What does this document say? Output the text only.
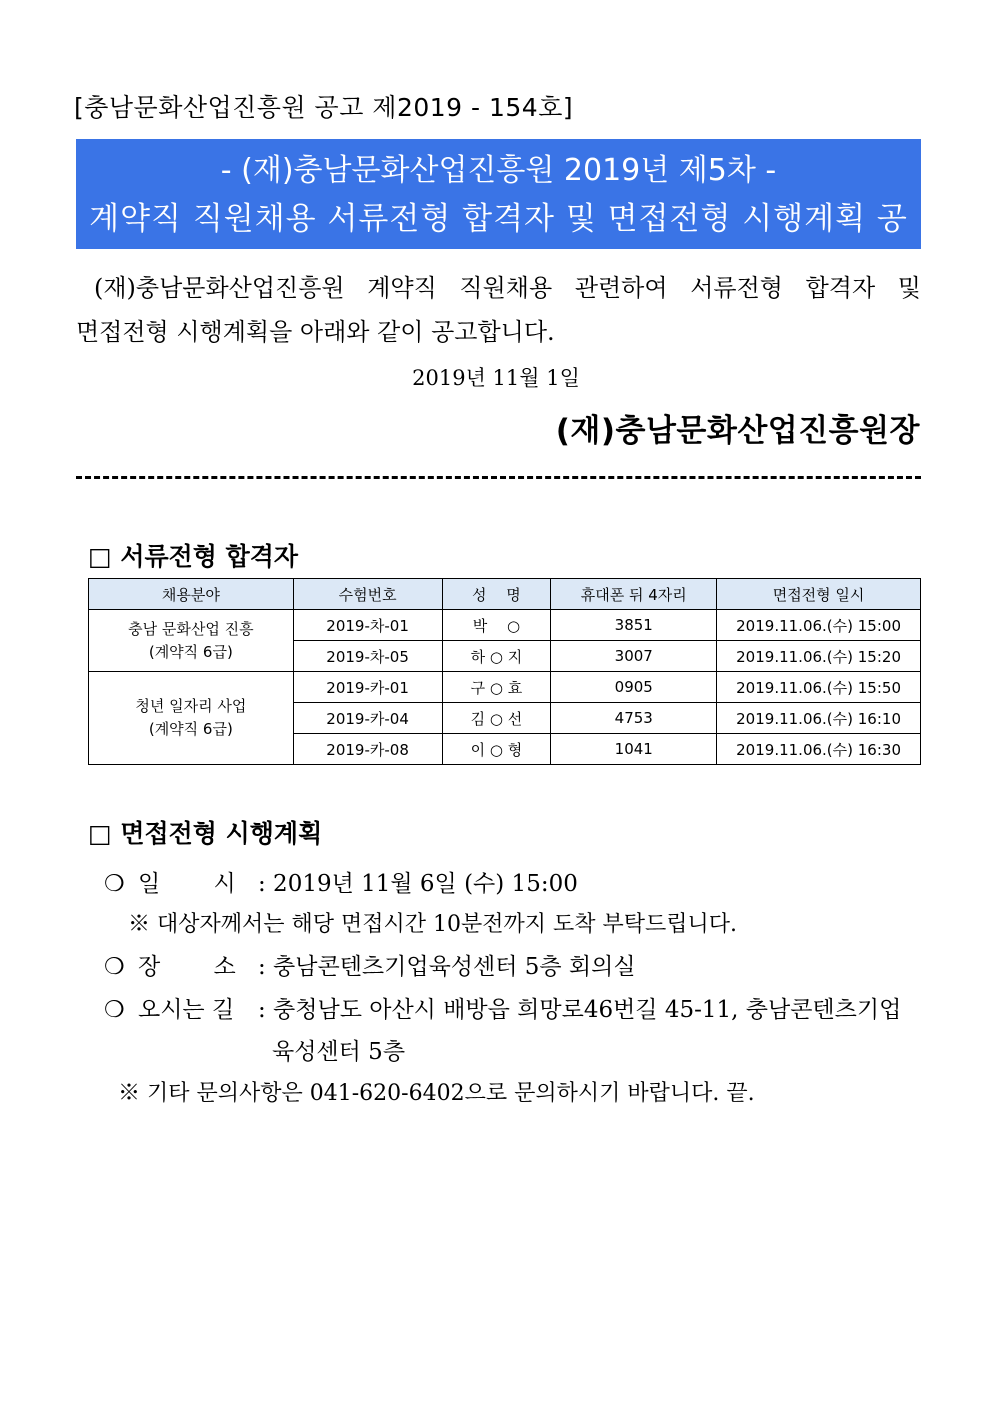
[충남문화산업진흥원 공고 제2019 - 154호]
- (재)충남문화산업진흥원 2019년 제5차 -
계약직 직원채용 서류전형 합격자 및 면접전형 시행계획 공고
(재)충남문화산업진흥원 계약직 직원채용 관련하여 서류전형 합격자 및
면접전형 시행계획을 아래와 같이 공고합니다.
2019년 11월 1일
(재)충남문화산업진흥원장
□ 서류전형 합격자
채용분야	수험번호	성　 명	휴대폰 뒤 4자리	면접전형 일시
충남 문화산업 진흥
(계약직 6급)	2019-차-01	박　 ○	3851	2019.11.06.(수) 15:00
	2019-차-05	하 ○ 지	3007	2019.11.06.(수) 15:20
청년 일자리 사업
(계약직 6급)	2019-카-01	구 ○ 효	0905	2019.11.06.(수) 15:50
	2019-카-04	김 ○ 선	4753	2019.11.06.(수) 16:10
	2019-카-08	이 ○ 형	1041	2019.11.06.(수) 16:30
□ 면접전형 시행계획
❍ 일　　 시 : 2019년 11월 6일 (수) 15:00
※ 대상자께서는 해당 면접시간 10분전까지 도착 부탁드립니다.
❍ 장　　 소 : 충남콘텐츠기업육성센터 5층 회의실
❍ 오시는 길 : 충청남도 아산시 배방읍 희망로46번길 45-11, 충남콘텐츠기업
육성센터 5층
※ 기타 문의사항은 041-620-6402으로 문의하시기 바랍니다. 끝.
